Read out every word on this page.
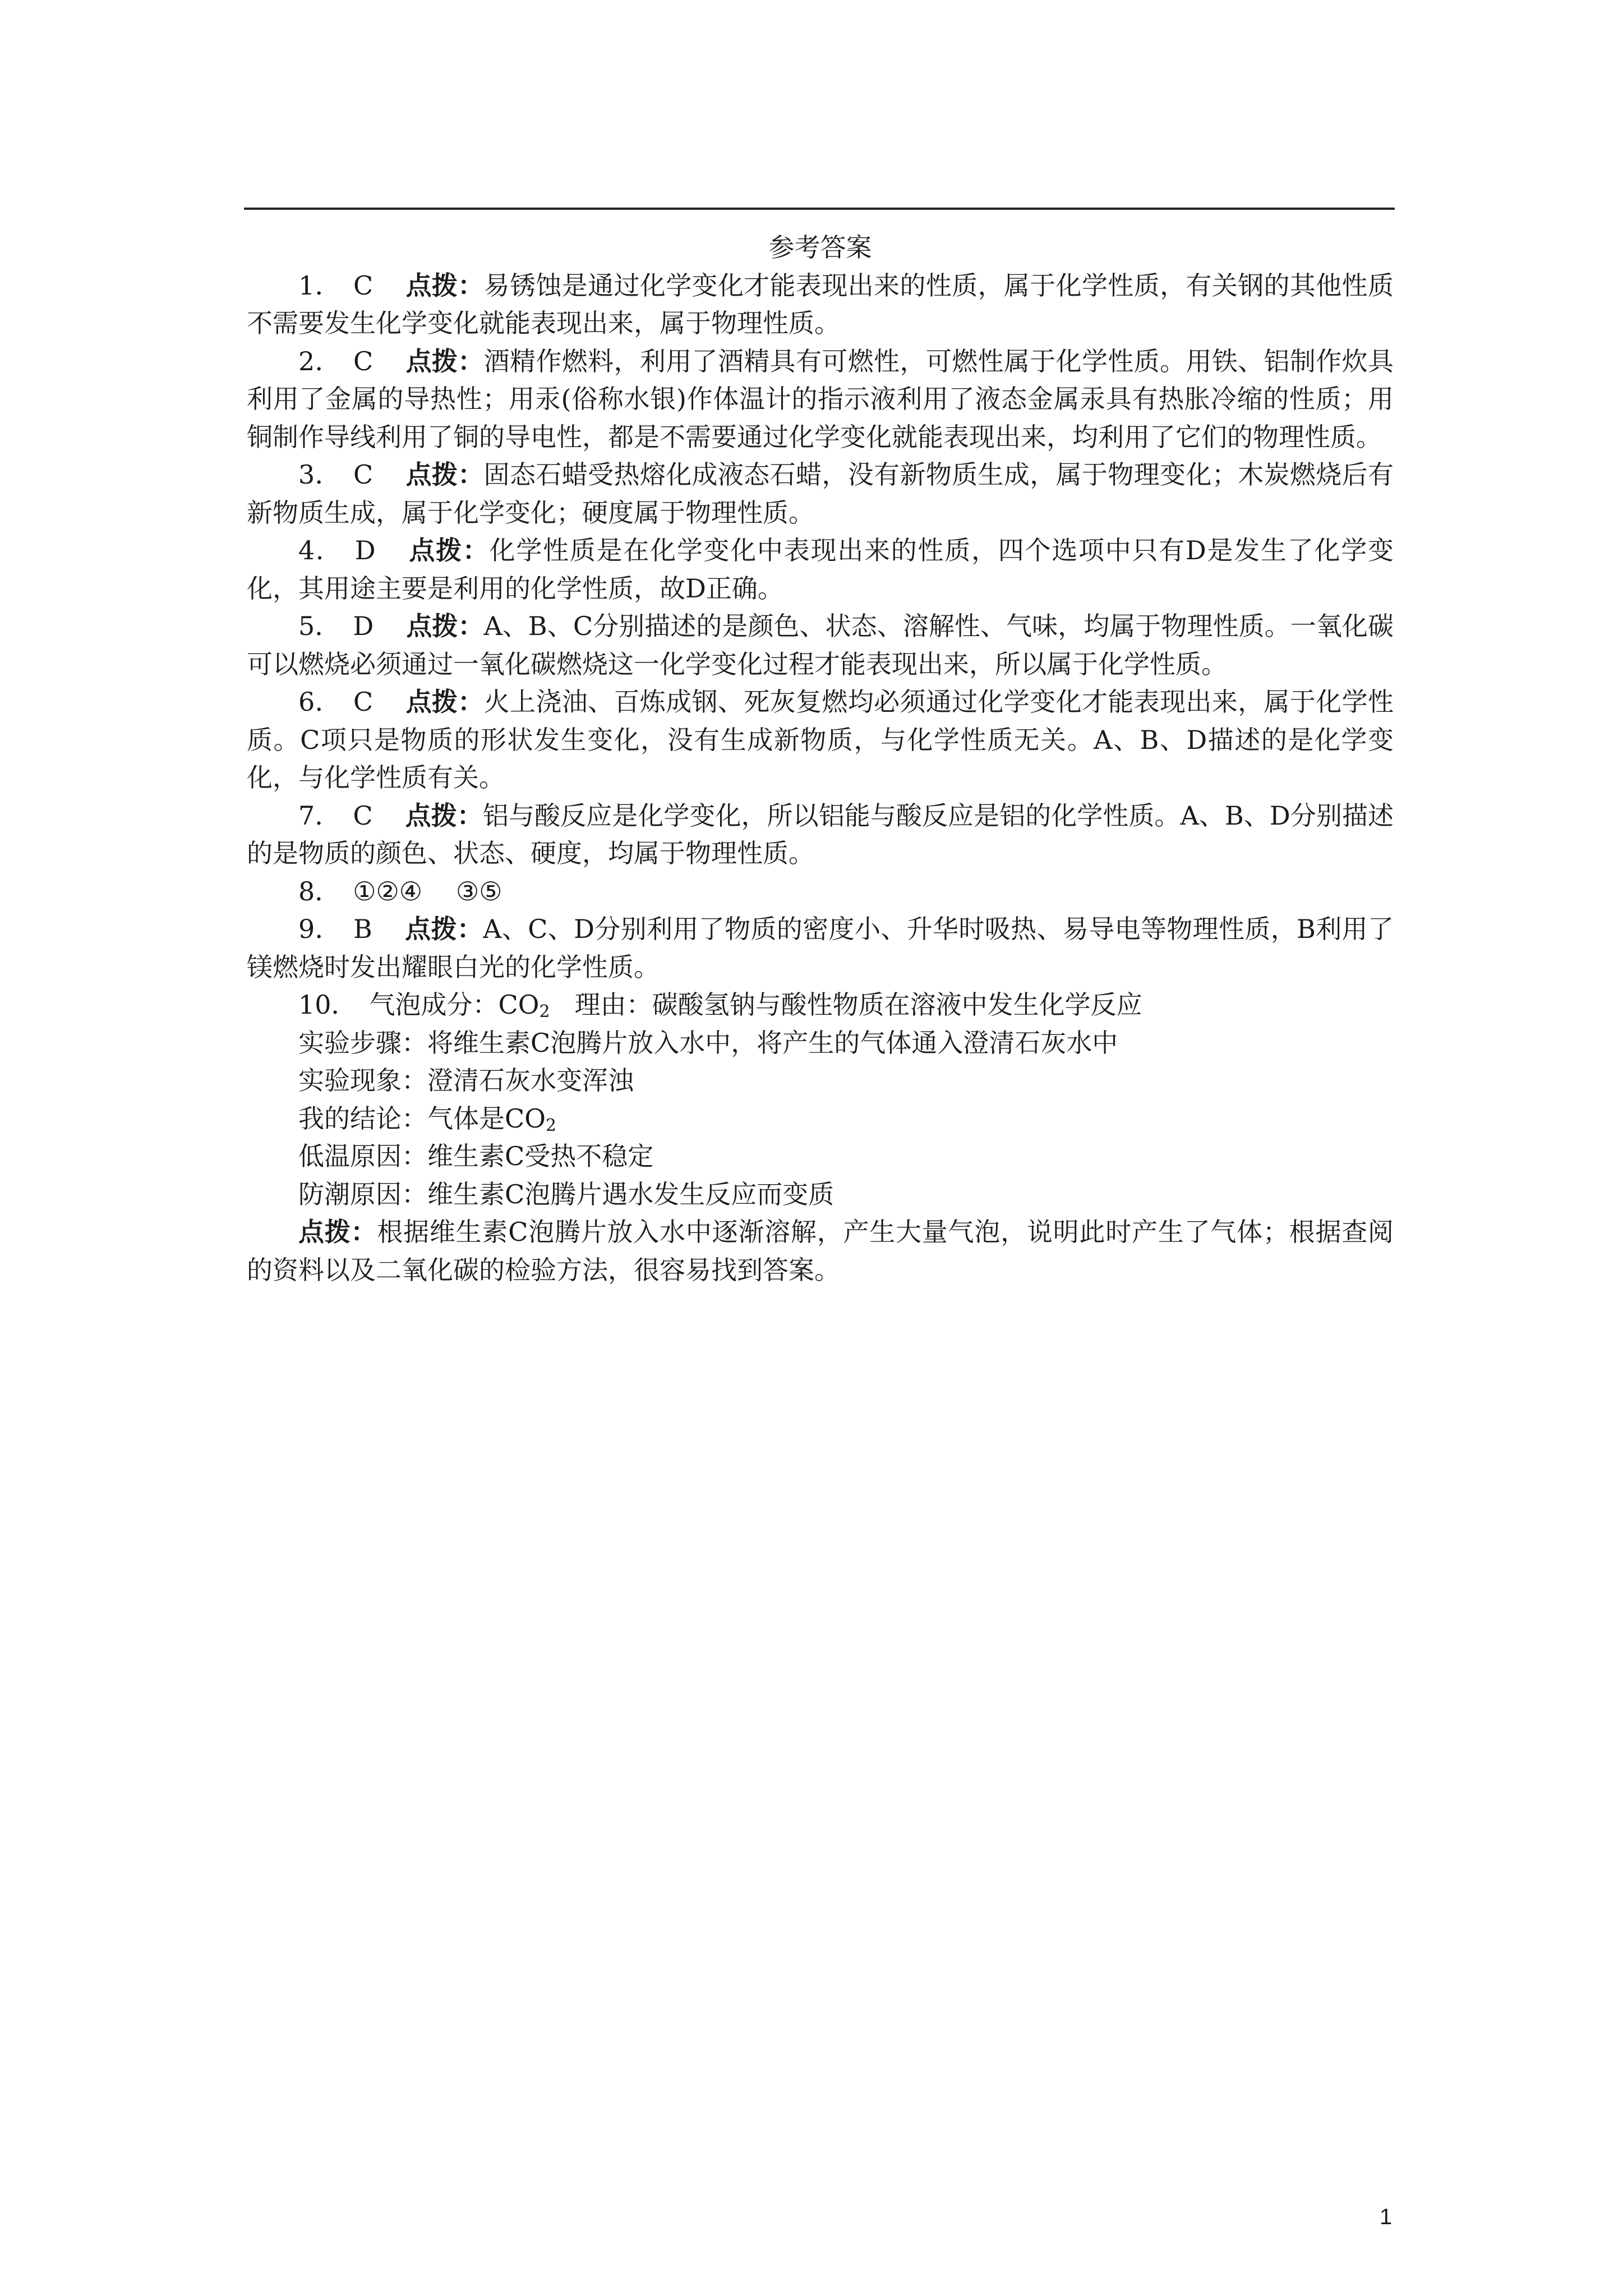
参考答案

1． C 点拨：易锈蚀是通过化学变化才能表现出来的性质，属于化学性质，有关钢的其他性质不需要发生化学变化就能表现出来，属于物理性质。

2． C 点拨：酒精作燃料，利用了酒精具有可燃性，可燃性属于化学性质。用铁、铝制作炊具利用了金属的导热性；用汞(俗称水银)作体温计的指示液利用了液态金属汞具有热胀冷缩的性质；用铜制作导线利用了铜的导电性，都是不需要通过化学变化就能表现出来，均利用了它们的物理性质。

3． C 点拨：固态石蜡受热熔化成液态石蜡，没有新物质生成，属于物理变化；木炭燃烧后有新物质生成，属于化学变化；硬度属于物理性质。

4． D 点拨：化学性质是在化学变化中表现出来的性质，四个选项中只有D是发生了化学变化，其用途主要是利用的化学性质，故D正确。

5． D 点拨：A、B、C分别描述的是颜色、状态、溶解性、气味，均属于物理性质。一氧化碳可以燃烧必须通过一氧化碳燃烧这一化学变化过程才能表现出来，所以属于化学性质。

6． C 点拨：火上浇油、百炼成钢、死灰复燃均必须通过化学变化才能表现出来，属于化学性质。C项只是物质的形状发生变化，没有生成新物质，与化学性质无关。A、B、D描述的是化学变化，与化学性质有关。

7． C 点拨：铝与酸反应是化学变化，所以铝能与酸反应是铝的化学性质。A、B、D分别描述的是物质的颜色、状态、硬度，均属于物理性质。

8． ①②④ ③⑤

9． B 点拨：A、C、D分别利用了物质的密度小、升华时吸热、易导电等物理性质，B利用了镁燃烧时发出耀眼白光的化学性质。

10． 气泡成分：$CO_2$ 理由：碳酸氢钠与酸性物质在溶液中发生化学反应

实验步骤：将维生素C泡腾片放入水中，将产生的气体通入澄清石灰水中

实验现象：澄清石灰水变浑浊

我的结论：气体是$CO_2$

低温原因：维生素C受热不稳定

防潮原因：维生素C泡腾片遇水发生反应而变质

点拨：根据维生素C泡腾片放入水中逐渐溶解，产生大量气泡，说明此时产生了气体；根据查阅的资料以及二氧化碳的检验方法，很容易找到答案。

1
